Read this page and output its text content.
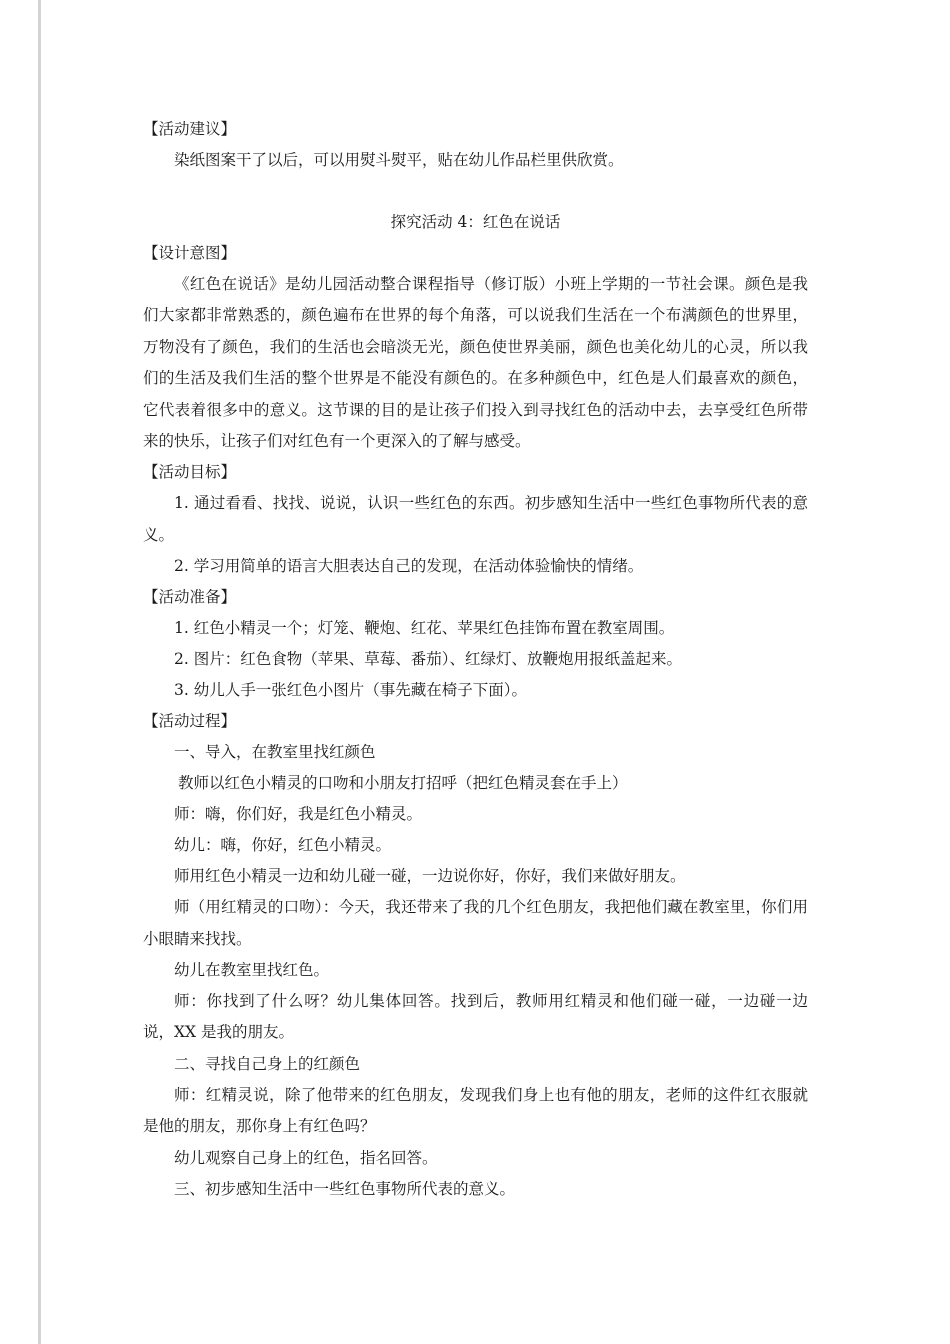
【活动建议】
染纸图案干了以后，可以用熨斗熨平，贴在幼儿作品栏里供欣赏。
探究活动 4：红色在说话
【设计意图】

《红色在说话》是幼儿园活动整合课程指导（修订版）小班上学期的一节社会课。颜色是我们大家都非常熟悉的，颜色遍布在世界的每个角落，可以说我们生活在一个布满颜色的世界里，万物没有了颜色，我们的生活也会暗淡无光，颜色使世界美丽，颜色也美化幼儿的心灵，所以我们的生活及我们生活的整个世界是不能没有颜色的。在多种颜色中，红色是人们最喜欢的颜色，它代表着很多中的意义。这节课的目的是让孩子们投入到寻找红色的活动中去，去享受红色所带来的快乐，让孩子们对红色有一个更深入的了解与感受。

【活动目标】

1. 通过看看、找找、说说，认识一些红色的东西。初步感知生活中一些红色事物所代表的意义。

2. 学习用简单的语言大胆表达自己的发现，在活动体验愉快的情绪。
【活动准备】
1. 红色小精灵一个；灯笼、鞭炮、红花、苹果红色挂饰布置在教室周围。
2. 图片：红色食物（苹果、草莓、番茄）、红绿灯、放鞭炮用报纸盖起来。
3. 幼儿人手一张红色小图片（事先藏在椅子下面）。
【活动过程】
一、导入，在教室里找红颜色
教师以红色小精灵的口吻和小朋友打招呼（把红色精灵套在手上）
师：嗨，你们好，我是红色小精灵。
幼儿：嗨，你好，红色小精灵。
师用红色小精灵一边和幼儿碰一碰，一边说你好，你好，我们来做好朋友。

师（用红精灵的口吻）：今天，我还带来了我的几个红色朋友，我把他们藏在教室里，你们用小眼睛来找找。

幼儿在教室里找红色。

师：你找到了什么呀？幼儿集体回答。找到后，教师用红精灵和他们碰一碰，一边碰一边说，XX 是我的朋友。

二、寻找自己身上的红颜色

师：红精灵说，除了他带来的红色朋友，发现我们身上也有他的朋友，老师的这件红衣服就是他的朋友，那你身上有红色吗？

幼儿观察自己身上的红色，指名回答。
三、初步感知生活中一些红色事物所代表的意义。
